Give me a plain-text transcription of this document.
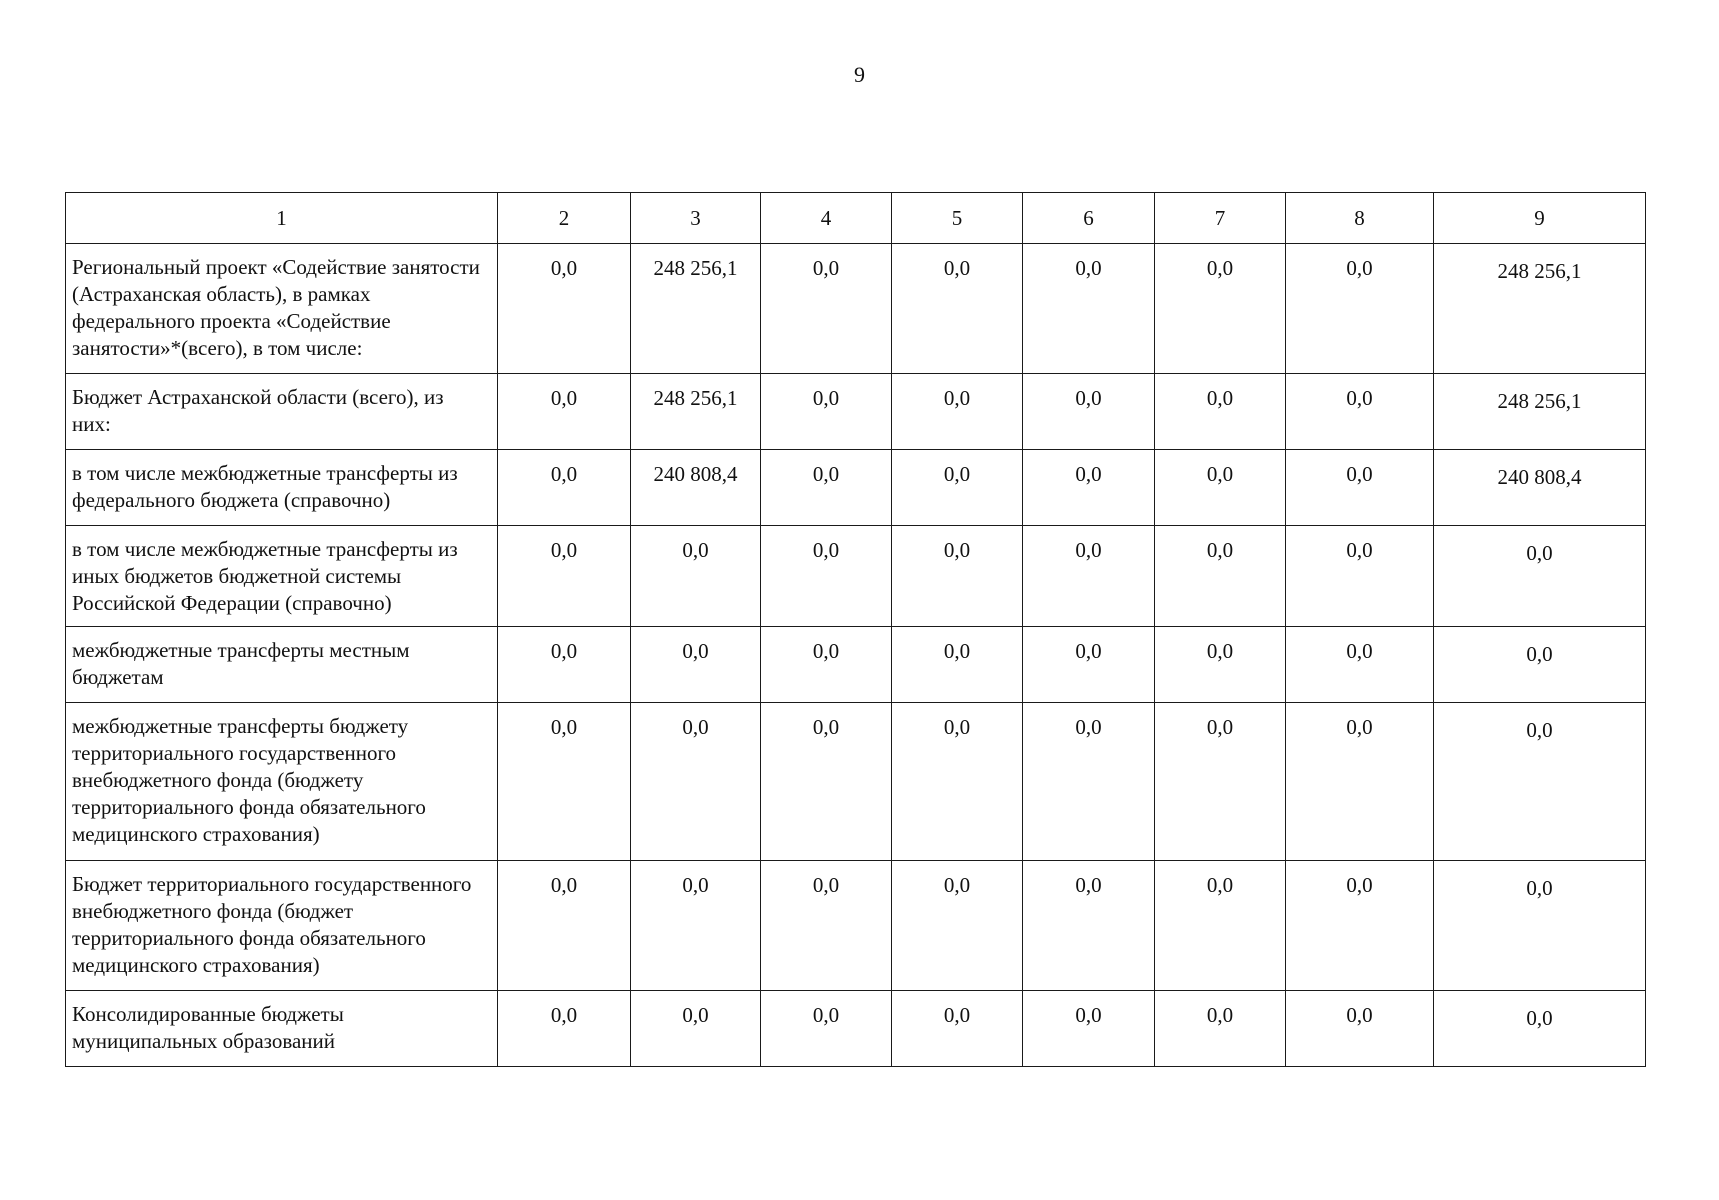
9
1	2	3	4	5	6	7	8	9
Региональный проект «Содействие занятости (Астраханская область), в рамках федерального проекта «Содействие занятости»*(всего), в том числе:	0,0	248 256,1	0,0	0,0	0,0	0,0	0,0	248 256,1
Бюджет Астраханской области (всего), из них:	0,0	248 256,1	0,0	0,0	0,0	0,0	0,0	248 256,1
в том числе межбюджетные трансферты из федерального бюджета (справочно)	0,0	240 808,4	0,0	0,0	0,0	0,0	0,0	240 808,4
в том числе межбюджетные трансферты из иных бюджетов бюджетной системы Российской Федерации (справочно)	0,0	0,0	0,0	0,0	0,0	0,0	0,0	0,0
межбюджетные трансферты местным бюджетам	0,0	0,0	0,0	0,0	0,0	0,0	0,0	0,0
межбюджетные трансферты бюджету территориального государственного внебюджетного фонда (бюджету территориального фонда обязательного медицинского страхования)	0,0	0,0	0,0	0,0	0,0	0,0	0,0	0,0
Бюджет территориального государственного внебюджетного фонда (бюджет территориального фонда обязательного медицинского страхования)	0,0	0,0	0,0	0,0	0,0	0,0	0,0	0,0
Консолидированные бюджеты муниципальных образований	0,0	0,0	0,0	0,0	0,0	0,0	0,0	0,0
